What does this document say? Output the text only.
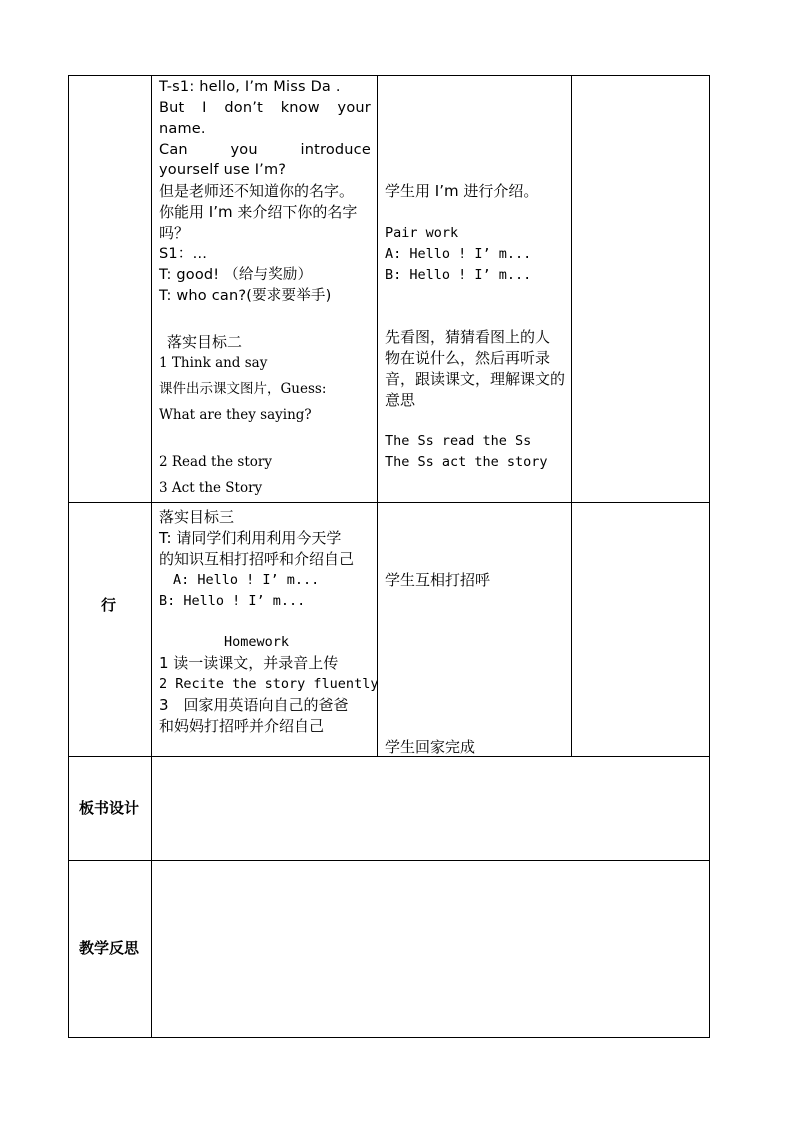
T-s1: hello, I’m Miss Da .
But I don’t know your
name.
Can	you	introduce
yourself use I’m?
但是老师还不知道你的名字。
你能用 I’m 来介绍下你的名字
吗？
S1：…
T: good! （给与奖励）
T: who can?(要求要举手)
落实目标二
1 Think and say
课件出示课文图片，Guess:
What are they saying?
2 Read the story
3 Act the Story
学生用 I’m 进行介绍。
Pair work
A: Hello ! I’ m...
B: Hello ! I’ m...
先看图，猜猜看图上的人
物在说什么，然后再听录
音，跟读课文，理解课文的
意思
The Ss read the Ss
The Ss act the story
行
落实目标三
T: 请同学们利用利用今天学
的知识互相打招呼和介绍自己
A: Hello ! I’ m...
B: Hello ! I’ m...
Homework
1 读一读课文，并录音上传
2 Recite the story fluently
3　回家用英语向自己的爸爸
和妈妈打招呼并介绍自己
学生互相打招呼
学生回家完成
板书设计
教学反思
